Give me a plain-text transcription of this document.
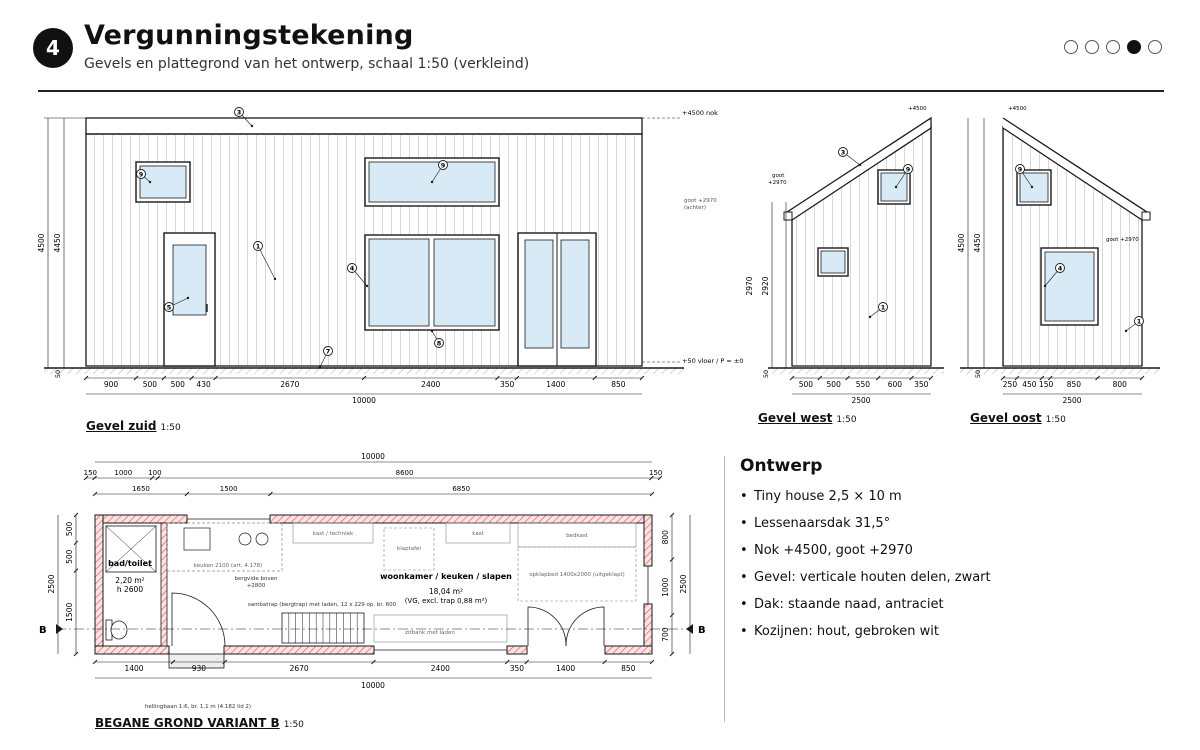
4 Vergunningstekening
Gevels en plattegrond van het ontwerp, schaal 1:50 (verkleind)
+4500 nok
goot +2970
(achter)
+50 vloer / P = ±0
4500 4450
50
900	500 500 430	2670	2400	350	1400	850
10000
3
9
9
1
4
5
8
7
+4500
goot
+2970
2970 2920
50
500 500 550 600 350
2500
3
9
1
+4500
goot +2970
4500 4450
50
250 450 150 850	800
2500
9
4
1
10000
150 1000 100	8600	150
1650	1500	6850
B	B
bad/toilet
2,20 m²
h 2600
woonkamer / keuken / slapen
18,04 m²
(VG, excl. trap 0,88 m²)
kast / techniek	kast	bedkast
klaptafel
keuken 2100 (art. 4.178)
bergvide boven
+2800
sambatrap (bergtrap) met laden, 12 x 229 op. br. 600
opklapbed 1400x2000 (uitgeklapt)
zitbank met laden
hellingbaan 1:6, br. 1,1 m (4.182 lid 2)
1400	930	2670	2400	350	1400	850
10000
2500
500
500
1500
2500
800
1000
700
Gevel zuid 1:50
Gevel west 1:50	Gevel oost 1:50
BEGANE GROND VARIANT B 1:50
Ontwerp
• Tiny house 2,5 × 10 m
• Lessenaarsdak 31,5°
• Nok +4500, goot +2970
• Gevel: verticale houten delen, zwart
• Dak: staande naad, antraciet
• Kozijnen: hout, gebroken wit
